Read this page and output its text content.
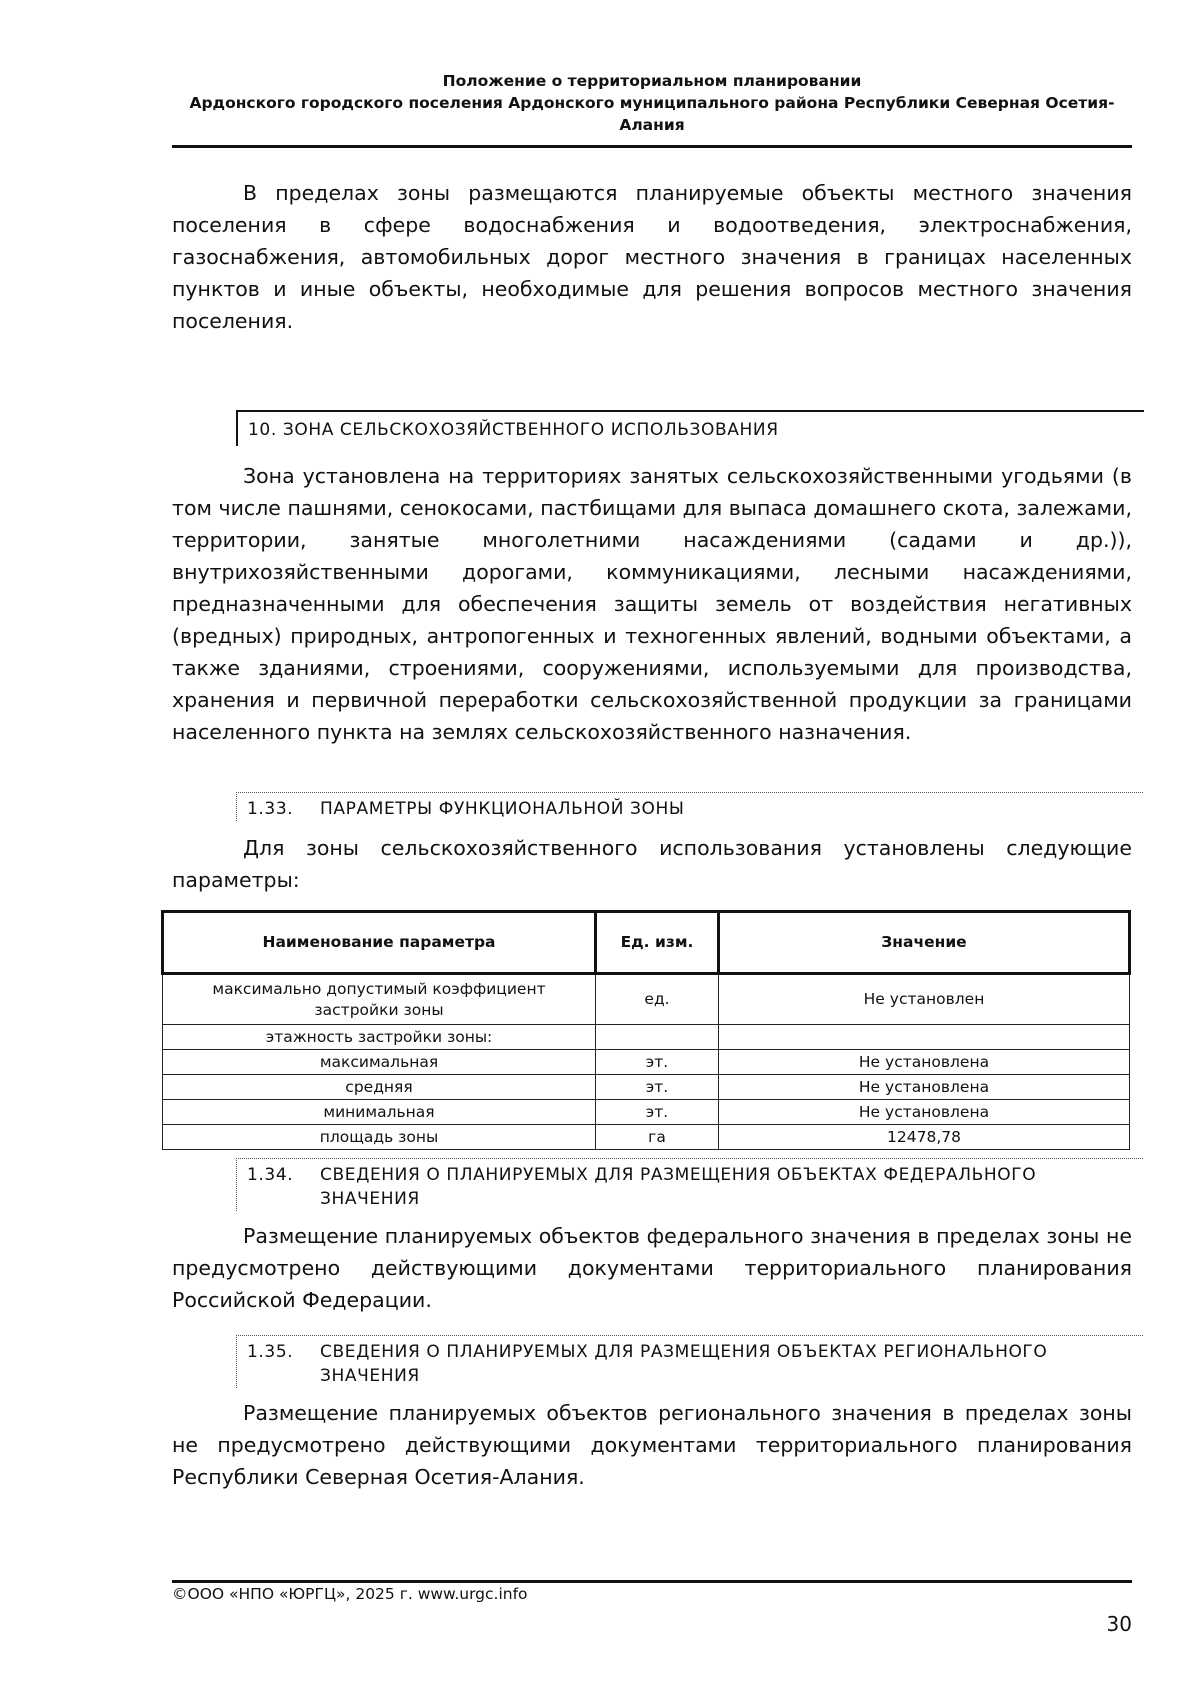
Положение о территориальном планировании
Ардонского городского поселения Ардонского муниципального района Республики Северная Осетия-
Алания

В пределах зоны размещаются планируемые объекты местного значения поселения в сфере водоснабжения и водоотведения, электроснабжения, газоснабжения, автомобильных дорог местного значения в границах населенных пунктов и иные объекты, необходимые для решения вопросов местного значения поселения.

10. ЗОНА СЕЛЬСКОХОЗЯЙСТВЕННОГО ИСПОЛЬЗОВАНИЯ

Зона установлена на территориях занятых сельскохозяйственными угодьями (в том числе пашнями, сенокосами, пастбищами для выпаса домашнего скота, залежами, территории, занятые многолетними насаждениями (садами и др.)), внутрихозяйственными дорогами, коммуникациями, лесными насаждениями, предназначенными для обеспечения защиты земель от воздействия негативных (вредных) природных, антропогенных и техногенных явлений, водными объектами, а также зданиями, строениями, сооружениями, используемыми для производства, хранения и первичной переработки сельскохозяйственной продукции за границами населенного пункта на землях сельскохозяйственного назначения.

1.33. ПАРАМЕТРЫ ФУНКЦИОНАЛЬНОЙ ЗОНЫ

Для зоны сельскохозяйственного использования установлены следующие параметры:

Наименование параметра	Ед. изм.	Значение
максимально допустимый коэффициент застройки зоны	ед.	Не установлен
этажность застройки зоны:		
максимальная	эт.	Не установлена
средняя	эт.	Не установлена
минимальная	эт.	Не установлена
площадь зоны	га	12478,78
1.34. СВЕДЕНИЯ О ПЛАНИРУЕМЫХ ДЛЯ РАЗМЕЩЕНИЯ ОБЪЕКТАХ ФЕДЕРАЛЬНОГО
ЗНАЧЕНИЯ

Размещение планируемых объектов федерального значения в пределах зоны не предусмотрено действующими документами территориального планирования Российской Федерации.

1.35. СВЕДЕНИЯ О ПЛАНИРУЕМЫХ ДЛЯ РАЗМЕЩЕНИЯ ОБЪЕКТАХ РЕГИОНАЛЬНОГО
ЗНАЧЕНИЯ

Размещение планируемых объектов регионального значения в пределах зоны не предусмотрено действующими документами территориального планирования Республики Северная Осетия-Алания.

©ООО «НПО «ЮРГЦ», 2025 г. www.urgc.info
30
